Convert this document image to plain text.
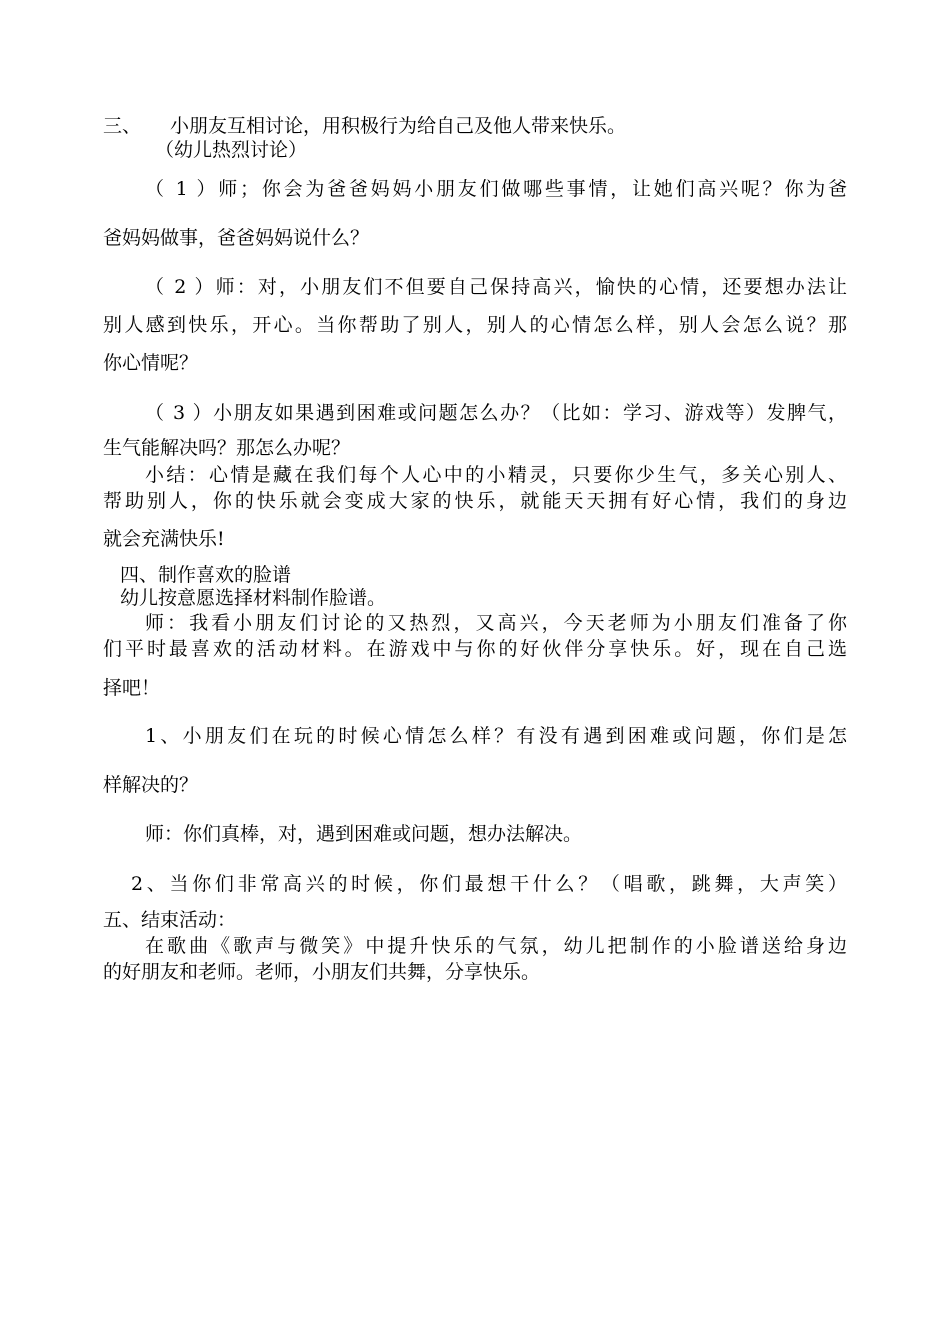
三、 小朋友互相讨论，用积极行为给自己及他人带来快乐。
（幼儿热烈讨论）
（ 1 ）师；你会为爸爸妈妈小朋友们做哪些事情，让她们高兴呢？你为爸
爸妈妈做事，爸爸妈妈说什么？
（ 2 ）师：对，小朋友们不但要自己保持高兴，愉快的心情，还要想办法让
别人感到快乐，开心。当你帮助了别人，别人的心情怎么样，别人会怎么说？那
你心情呢？
（ 3 ）小朋友如果遇到困难或问题怎么办？（比如：学习、游戏等）发脾气，
生气能解决吗？那怎么办呢？
小结：心情是藏在我们每个人心中的小精灵，只要你少生气，多关心别人、
帮助别人，你的快乐就会变成大家的快乐，就能天天拥有好心情，我们的身边
就会充满快乐!
四、制作喜欢的脸谱
幼儿按意愿选择材料制作脸谱。
师：我看小朋友们讨论的又热烈，又高兴，今天老师为小朋友们准备了你
们平时最喜欢的活动材料。在游戏中与你的好伙伴分享快乐。好，现在自己选
择吧！
1、小朋友们在玩的时候心情怎么样？有没有遇到困难或问题，你们是怎
样解决的？
师：你们真棒，对，遇到困难或问题，想办法解决。
2、当你们非常高兴的时候，你们最想干什么？（唱歌，跳舞，大声笑）
五、结束活动：
在歌曲《歌声与微笑》中提升快乐的气氛，幼儿把制作的小脸谱送给身边
的好朋友和老师。老师，小朋友们共舞，分享快乐。
